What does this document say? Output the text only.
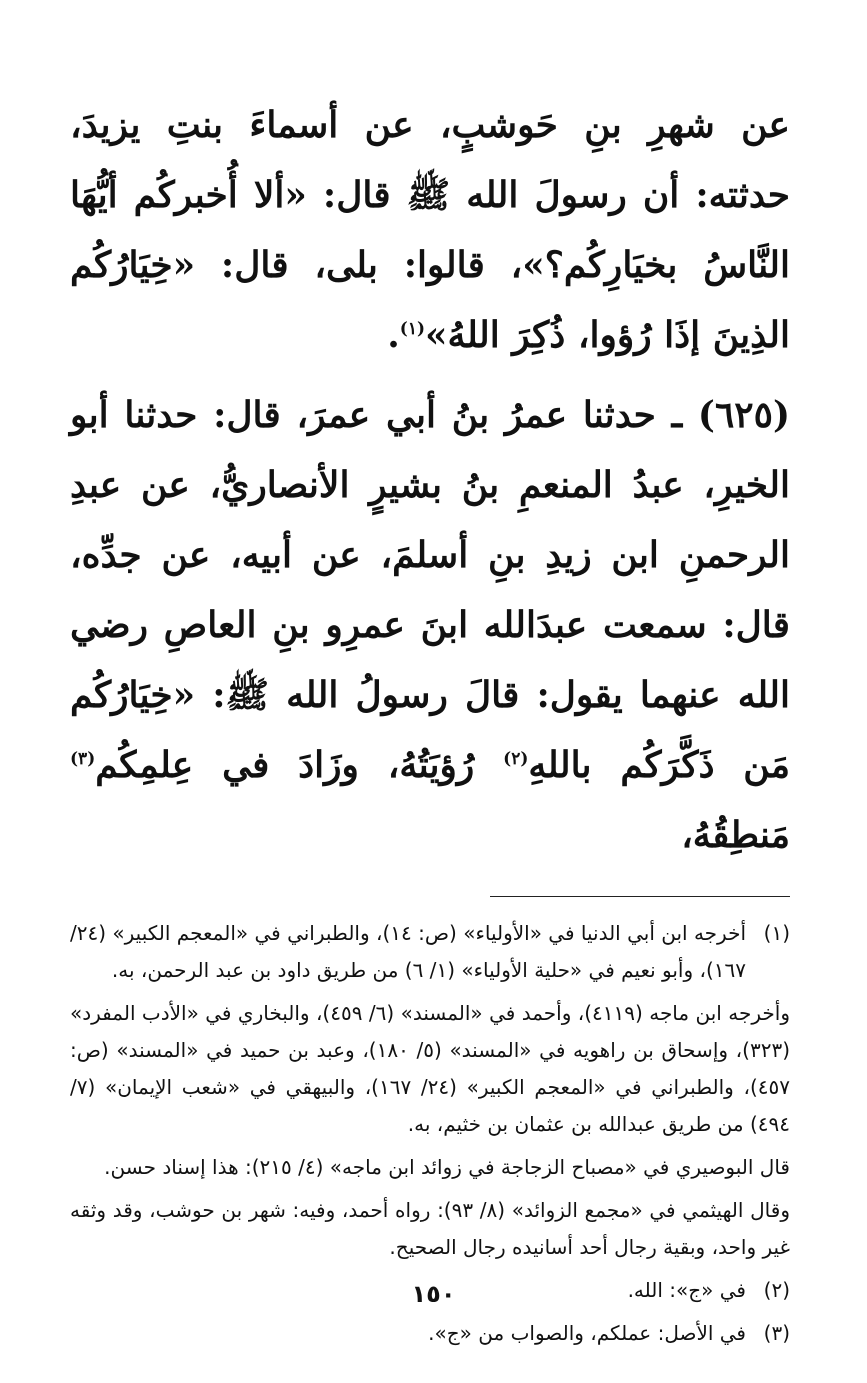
عن شهرِ بنِ حَوشبٍ، عن أسماءَ بنتِ يزيدَ، حدثته: أن رسولَ الله ﷺ قال: «ألا أُخبركُم أيُّهَا النَّاسُ بخيَارِكُم؟»، قالوا: بلى، قال: «خِيَارُكُم الذِينَ إذَا رُؤوا، ذُكِرَ اللهُ»$^{(١)}$.

(٦٢٥) ـ حدثنا عمرُ بنُ أبي عمرَ، قال: حدثنا أبو الخيرِ، عبدُ المنعمِ بنُ بشيرٍ الأنصاريُّ، عن عبدِ الرحمنِ ابن زيدِ بنِ أسلمَ، عن أبيه، عن جدِّه، قال: سمعت عبدَالله ابنَ عمرِو بنِ العاصِ رضي الله عنهما يقول: قالَ رسولُ الله ﷺ: «خِيَارُكُم مَن ذَكَّرَكُم باللهِ$^{(٢)}$ رُؤيَتُهُ، وزَادَ في عِلمِكُم$^{(٣)}$ مَنطِقُهُ،

(١)
أخرجه ابن أبي الدنيا في «الأولياء» (ص: ١٤)، والطبراني في «المعجم الكبير» (٢٤/ ١٦٧)، وأبو نعيم في «حلية الأولياء» (١/ ٦) من طريق داود بن عبد الرحمن، به.

وأخرجه ابن ماجه (٤١١٩)، وأحمد في «المسند» (٦/ ٤٥٩)، والبخاري في «الأدب المفرد» (٣٢٣)، وإسحاق بن راهويه في «المسند» (٥/ ١٨٠)، وعبد بن حميد في «المسند» (ص: ٤٥٧)، والطبراني في «المعجم الكبير» (٢٤/ ١٦٧)، والبيهقي في «شعب الإيمان» (٧/ ٤٩٤) من طريق عبدالله بن عثمان بن خثيم، به.

قال البوصيري في «مصباح الزجاجة في زوائد ابن ماجه» (٤/ ٢١٥): هذا إسناد حسن.

وقال الهيثمي في «مجمع الزوائد» (٨/ ٩٣): رواه أحمد، وفيه: شهر بن حوشب، وقد وثقه غير واحد، وبقية رجال أحد أسانيده رجال الصحيح.

(٢)
في «ج»: الله.
(٣)
في الأصل: عملكم، والصواب من «ج».
١٥٠
